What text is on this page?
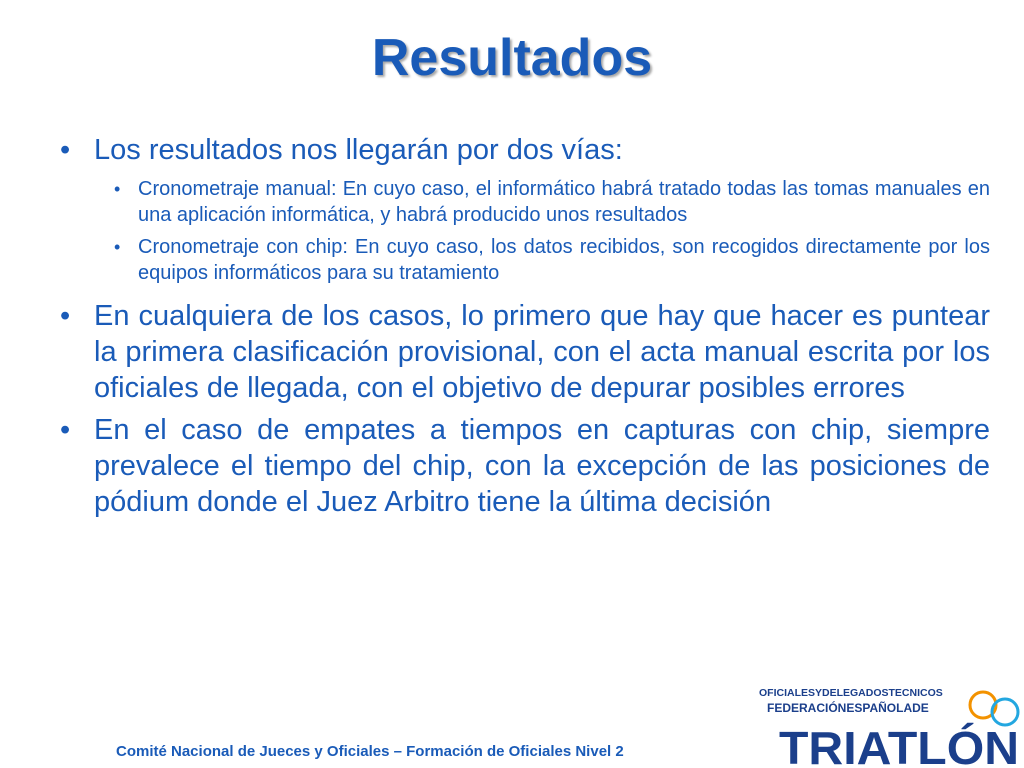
Resultados
• Los resultados nos llegarán por dos vías:
• Cronometraje manual: En cuyo caso, el informático habrá tratado todas las tomas manuales en una aplicación informática, y habrá producido unos resultados
• Cronometraje con chip: En cuyo caso, los datos recibidos, son recogidos directamente por los equipos informáticos para su tratamiento
• En cualquiera de los casos, lo primero que hay que hacer es puntear la primera clasificación provisional, con el acta manual escrita por los oficiales de llegada, con el objetivo de depurar posibles errores
• En el caso de empates a tiempos en capturas con chip, siempre prevalece el tiempo del chip, con la excepción de las posiciones de pódium donde el Juez Arbitro tiene la última decisión
Comité Nacional de Jueces y Oficiales – Formación de Oficiales Nivel 2
OFICIALESYDELEGADOSTECNICOS
FEDERACIÓNESPAÑOLADE
TRIATLÓN
